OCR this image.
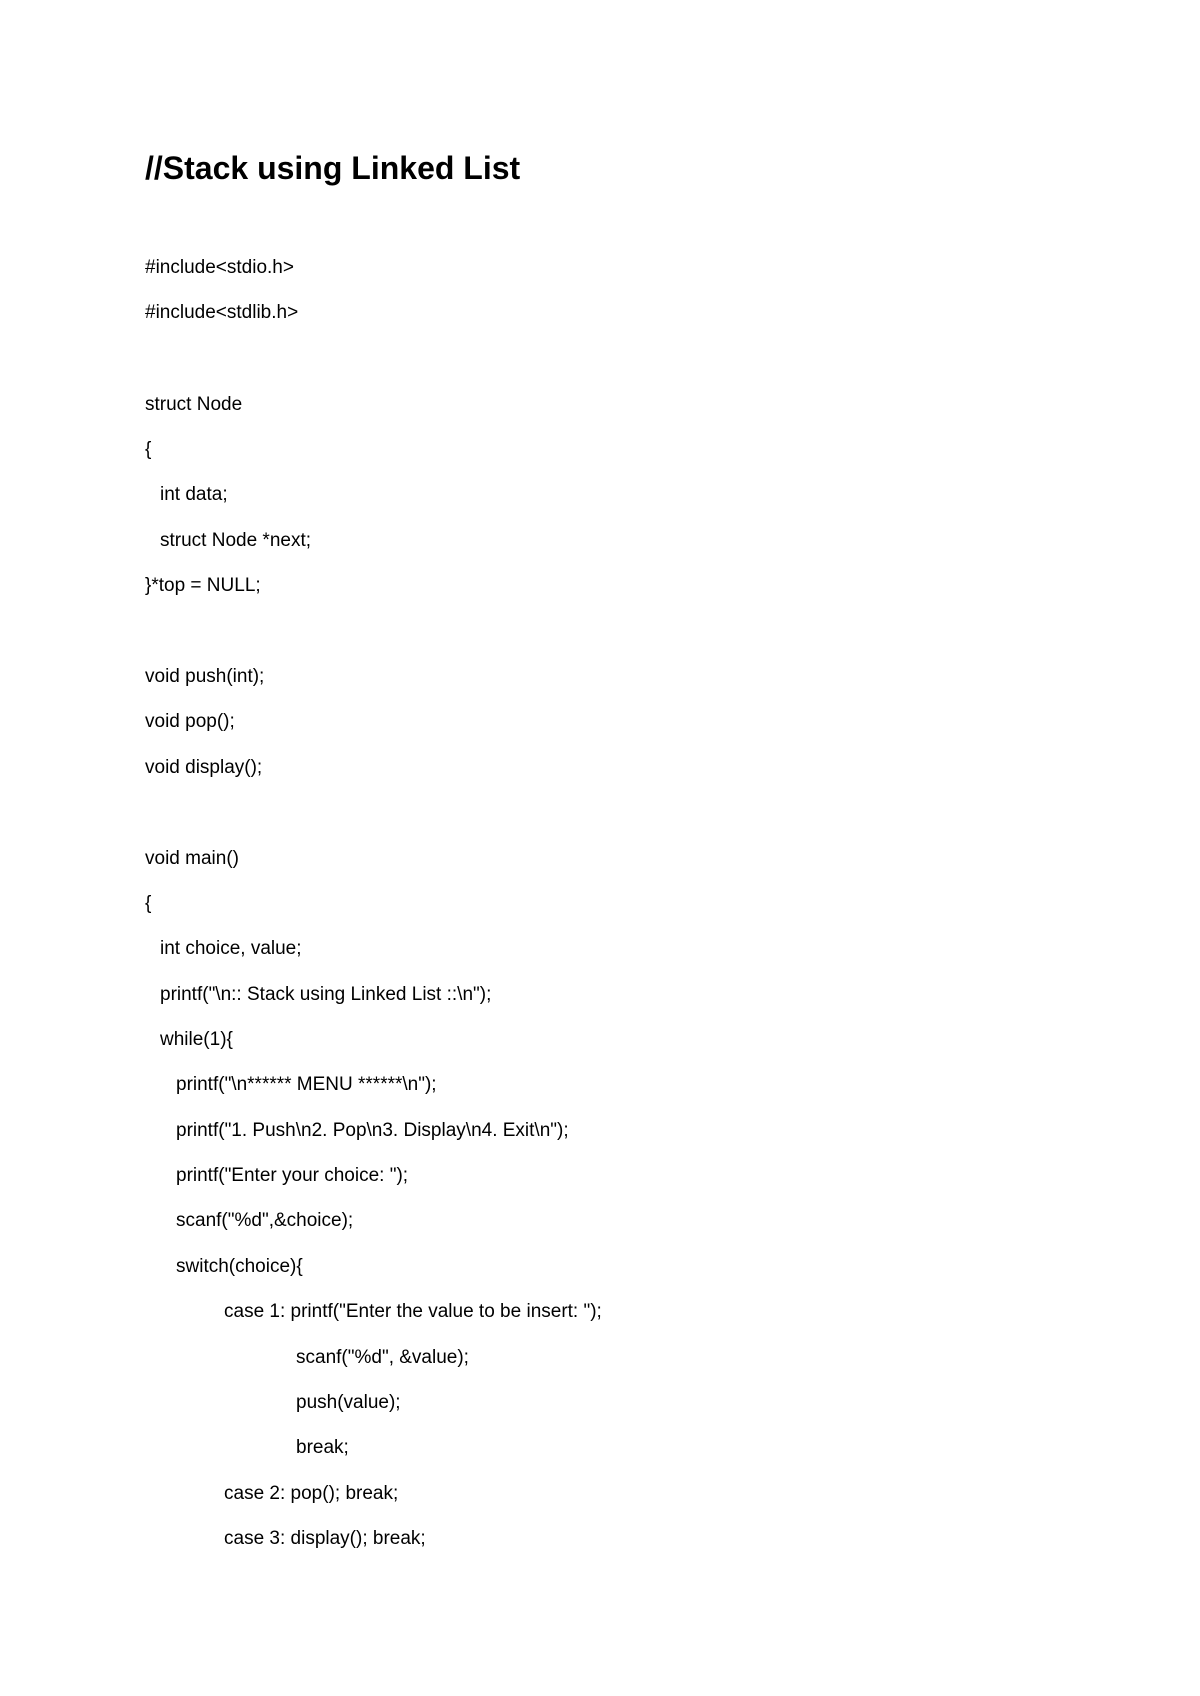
//Stack using Linked List
#include<stdio.h>
#include<stdlib.h>
struct Node
{
int data;
struct Node *next;
}*top = NULL;
void push(int);
void pop();
void display();
void main()
{
int choice, value;
printf("\n:: Stack using Linked List ::\n");
while(1){
printf("\n****** MENU ******\n");
printf("1. Push\n2. Pop\n3. Display\n4. Exit\n");
printf("Enter your choice: ");
scanf("%d",&choice);
switch(choice){
case 1: printf("Enter the value to be insert: ");
scanf("%d", &value);
push(value);
break;
case 2: pop(); break;
case 3: display(); break;
